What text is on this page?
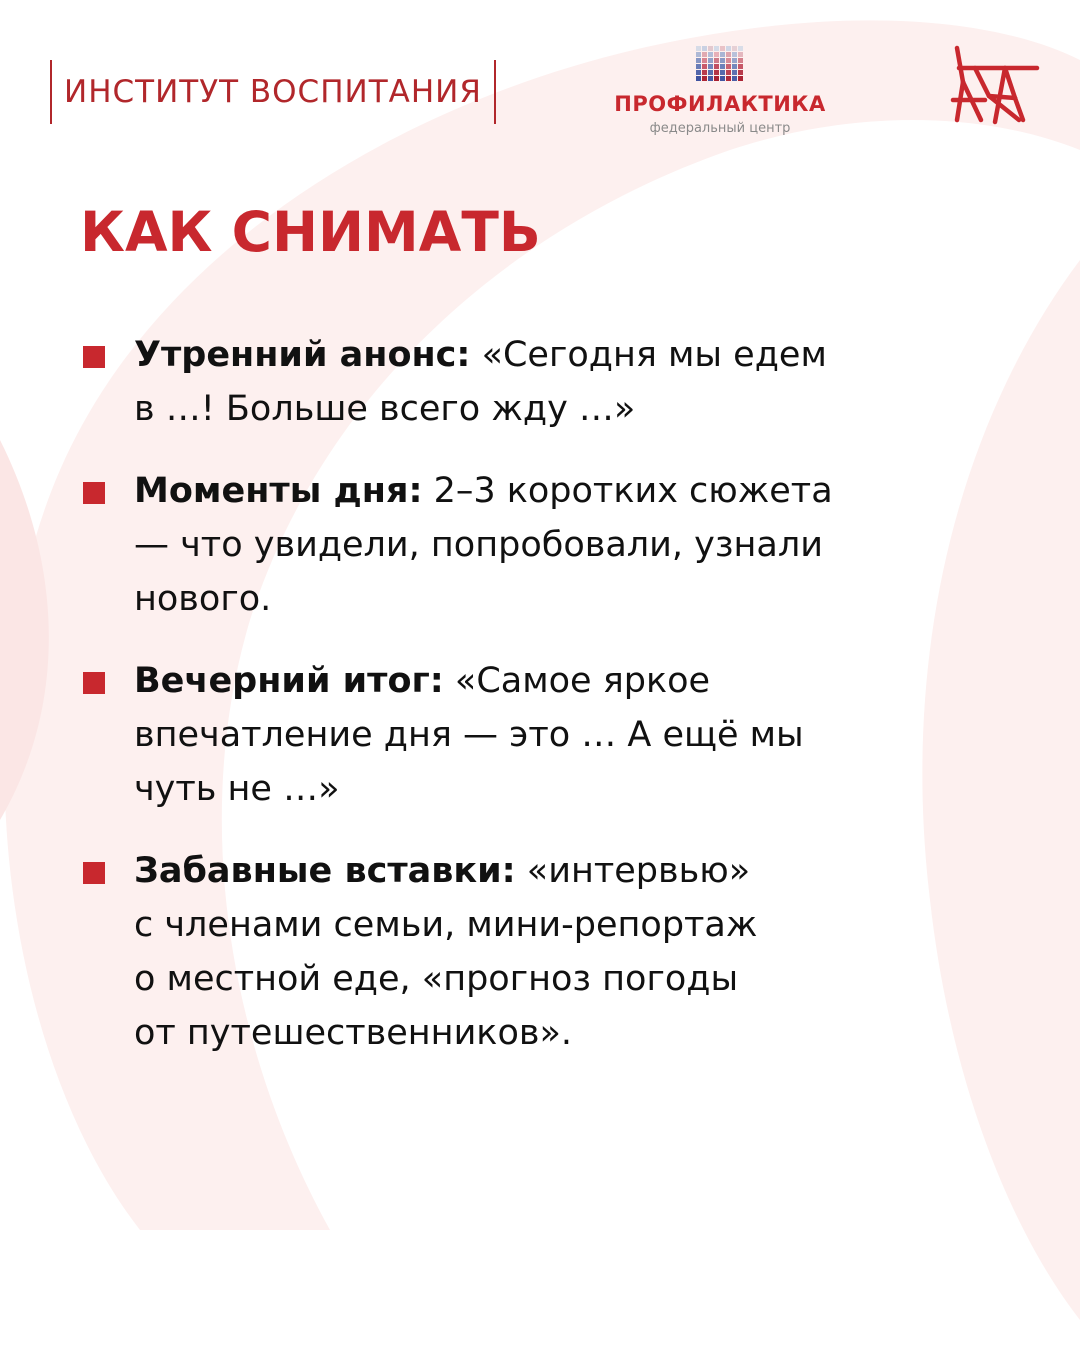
ИНСТИТУТ ВОСПИТАНИЯ	ПРОФИЛАКТИКА
федеральный центр
КАК СНИМАТЬ
Утренний анонс: «Сегодня мы едем
в …! Больше всего жду …»
Моменты дня: 2–3 коротких сюжета
— что увидели, попробовали, узнали
нового.
Вечерний итог: «Самое яркое
впечатление дня — это … А ещё мы
чуть не …»
Забавные вставки: «интервью»
с членами семьи, мини-репортаж
о местной еде, «прогноз погоды
от путешественников».
